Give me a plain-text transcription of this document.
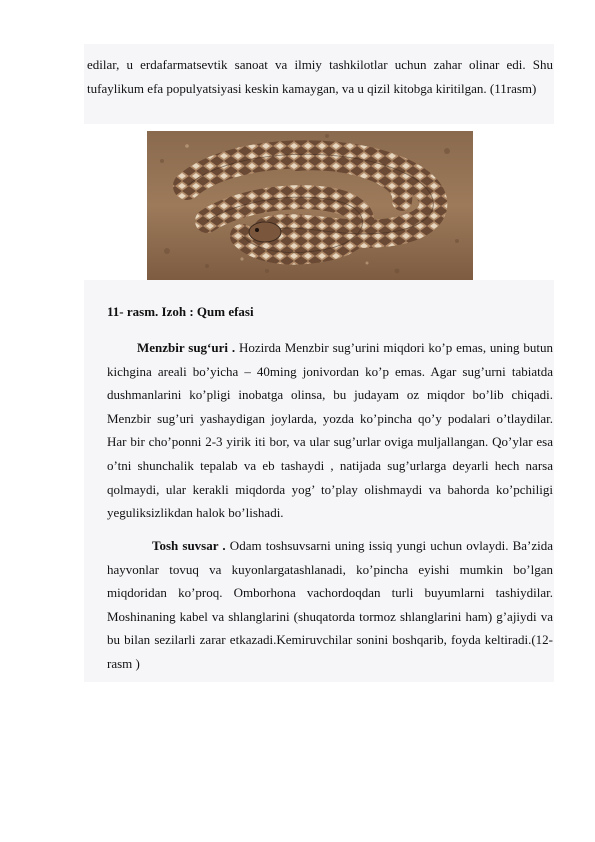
edilar, u erdafarmatsevtik sanoat va ilmiy tashkilotlar uchun zahar olinar edi. Shu tufaylikum efa populyatsiyasi keskin kamaygan, va u qizil kitobga kiritilgan. (11rasm)

11- rasm. Izoh : Qum efasi

Menzbir sug‘uri . Hozirda Menzbir sug’urini miqdori ko’p emas, uning butun kichgina areali bo’yicha – 40ming jonivordan ko’p emas. Agar sug’urni tabiatda dushmanlarini ko’pligi inobatga olinsa, bu judayam oz miqdor bo’lib chiqadi. Menzbir sug’uri yashaydigan joylarda, yozda ko’pincha qo’y podalari o’tlaydilar. Har bir cho’ponni 2-3 yirik iti bor, va ular sug’urlar oviga muljallangan. Qo’ylar esa o’tni shunchalik tepalab va eb tashaydi , natijada sug’urlarga deyarli hech narsa qolmaydi, ular kerakli miqdorda yog’ to’play olishmaydi va bahorda ko’pchiligi yeguliksizlikdan halok bo’lishadi.

Tosh suvsar . Odam toshsuvsarni uning issiq yungi uchun ovlaydi. Ba’zida hayvonlar tovuq va kuyonlargatashlanadi, ko’pincha eyishi mumkin bo’lgan miqdoridan ko’proq. Omborhona vachordoqdan turli buyumlarni tashiydilar. Moshinaning kabel va shlanglarini (shuqatorda tormoz shlanglarini ham) g’ajiydi va bu bilan sezilarli zarar etkazadi.Kemiruvchilar sonini boshqarib, foyda keltiradi.(12- rasm )
